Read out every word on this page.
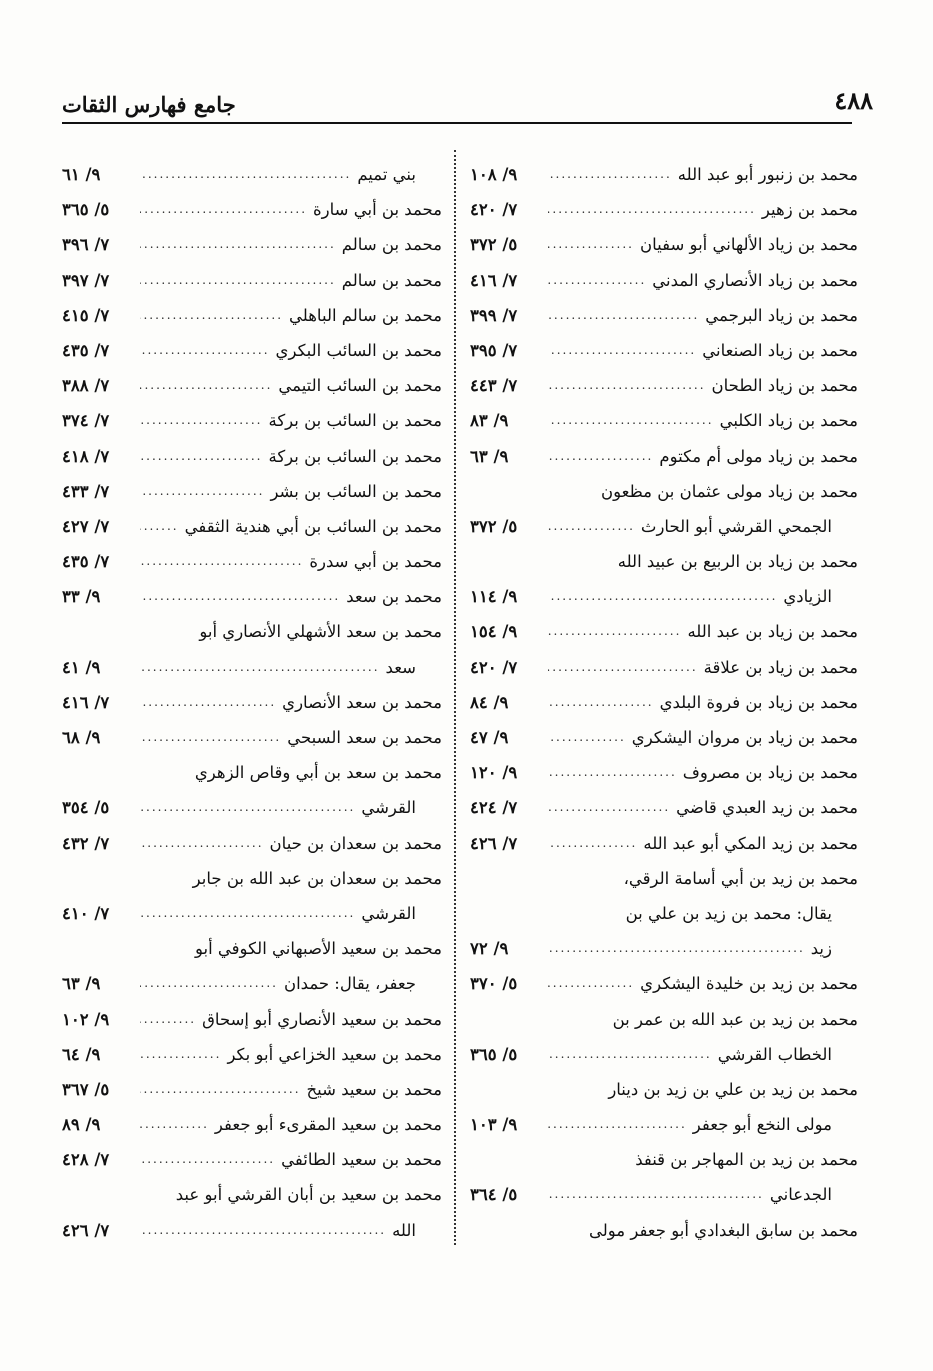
٤٨٨
جامع فهارس الثقات
محمد بن زنبور أبو عبد الله
.....
٩/ ١٠٨
محمد بن زهير
.....
٧/ ٤٢٠
محمد بن زياد الألهاني أبو سفيان
.....
٥/ ٣٧٢
محمد بن زياد الأنصاري المدني
.....
٧/ ٤١٦
محمد بن زياد البرجمي
.....
٧/ ٣٩٩
محمد بن زياد الصنعاني
.....
٧/ ٣٩٥
محمد بن زياد الطحان
.....
٧/ ٤٤٣
محمد بن زياد الكلبي
.....
٩/ ٨٣
محمد بن زياد مولى أم مكتوم
.....
٩/ ٦٣
محمد بن زياد مولى عثمان بن مظعون
الجمحي القرشي أبو الحارث
.....
٥/ ٣٧٢
محمد بن زياد بن الربيع بن عبيد الله
الزيادي
.....
٩/ ١١٤
محمد بن زياد بن عبد الله
.....
٩/ ١٥٤
محمد بن زياد بن علاقة
.....
٧/ ٤٢٠
محمد بن زياد بن فروة البلدي
.....
٩/ ٨٤
محمد بن زياد بن مروان اليشكري
.....
٩/ ٤٧
محمد بن زياد بن مصروف
.....
٩/ ١٢٠
محمد بن زيد العبدي قاضي
.....
٧/ ٤٢٤
محمد بن زيد المكي أبو عبد الله
.....
٧/ ٤٢٦
محمد بن زيد بن أبي أسامة الرقي،
يقال: محمد بن زيد بن علي بن
زيد
.....
٩/ ٧٢
محمد بن زيد بن خليدة اليشكري
.....
٥/ ٣٧٠
محمد بن زيد بن عبد الله بن عمر بن
الخطاب القرشي
.....
٥/ ٣٦٥
محمد بن زيد بن علي بن زيد بن دينار
مولى النخع أبو جعفر
.....
٩/ ١٠٣
محمد بن زيد بن المهاجر بن قنفذ
الجدعاني
.....
٥/ ٣٦٤
محمد بن سابق البغدادي أبو جعفر مولى
بني تميم
.....
٩/ ٦١
محمد بن أبي سارة
.....
٥/ ٣٦٥
محمد بن سالم
.....
٧/ ٣٩٦
محمد بن سالم
.....
٧/ ٣٩٧
محمد بن سالم الباهلي
.....
٧/ ٤١٥
محمد بن السائب البكري
.....
٧/ ٤٣٥
محمد بن السائب التيمي
.....
٧/ ٣٨٨
محمد بن السائب بن بركة
.....
٧/ ٣٧٤
محمد بن السائب بن بركة
.....
٧/ ٤١٨
محمد بن السائب بن بشر
.....
٧/ ٤٣٣
محمد بن السائب بن أبي هندية الثقفي
.....
٧/ ٤٢٧
محمد بن أبي سدرة
.....
٧/ ٤٣٥
محمد بن سعد
.....
٩/ ٣٣
محمد بن سعد الأشهلي الأنصاري أبو
سعد
.....
٩/ ٤١
محمد بن سعد الأنصاري
.....
٧/ ٤١٦
محمد بن سعد السبحي
.....
٩/ ٦٨
محمد بن سعد بن أبي وقاص الزهري
القرشي
.....
٥/ ٣٥٤
محمد بن سعدان بن حيان
.....
٧/ ٤٣٢
محمد بن سعدان بن عبد الله بن جابر
القرشي
.....
٧/ ٤١٠
محمد بن سعيد الأصبهاني الكوفي أبو
جعفر، يقال: حمدان
.....
٩/ ٦٣
محمد بن سعيد الأنصاري أبو إسحاق
.....
٩/ ١٠٢
محمد بن سعيد الخزاعي أبو بكر
.....
٩/ ٦٤
محمد بن سعيد شيخ
.....
٥/ ٣٦٧
محمد بن سعيد المقرىء أبو جعفر
.....
٩/ ٨٩
محمد بن سعيد الطائفي
.....
٧/ ٤٢٨
محمد بن سعيد بن أبان القرشي أبو عبد
الله
.....
٧/ ٤٢٦
